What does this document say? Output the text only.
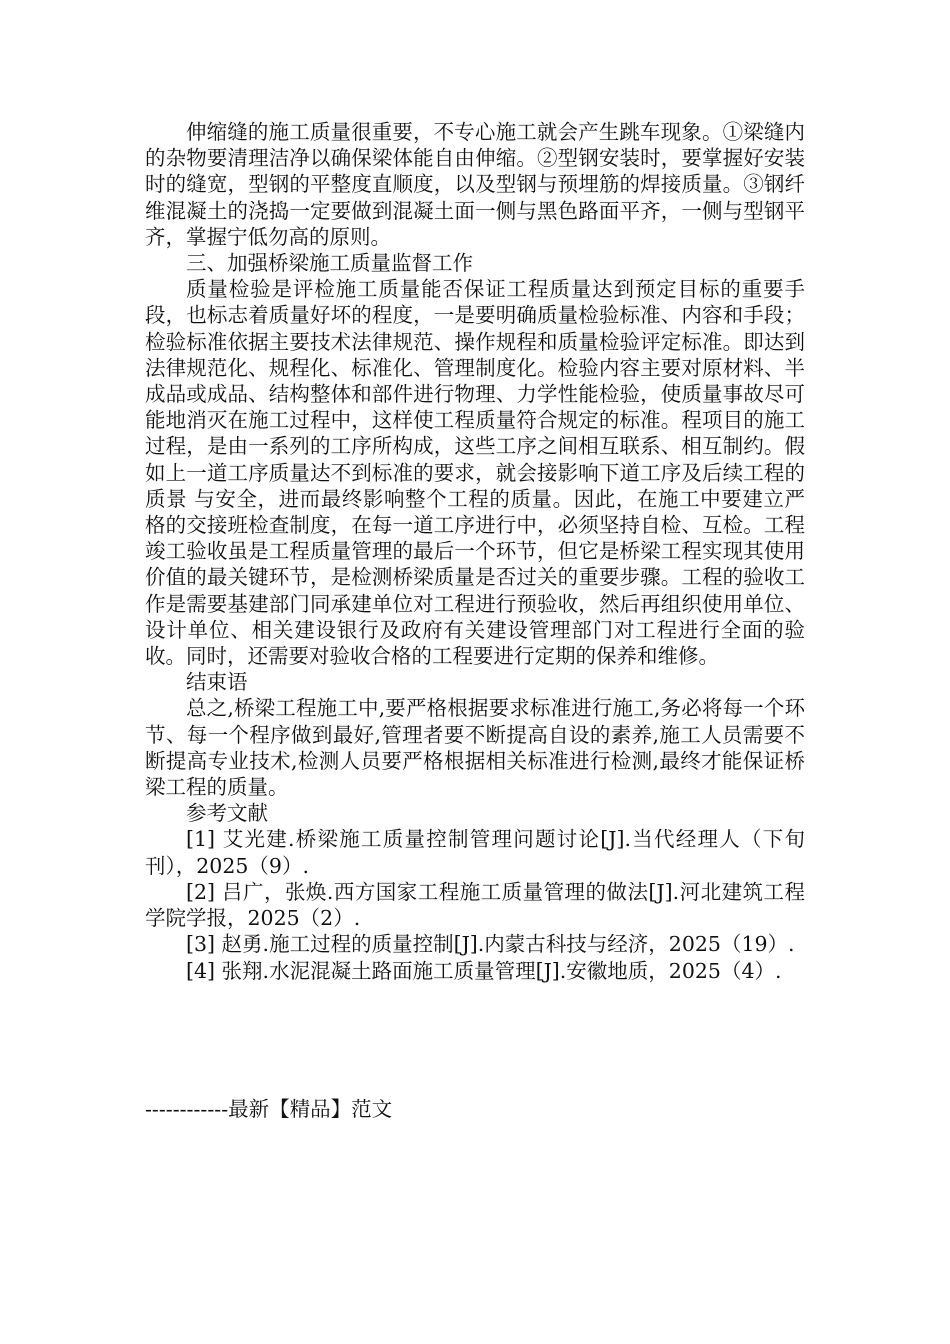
伸缩缝的施工质量很重要，不专心施工就会产生跳车现象。①梁缝内的杂物要清理洁净以确保梁体能自由伸缩。②型钢安装时，要掌握好安装时的缝宽，型钢的平整度直顺度，以及型钢与预埋筋的焊接质量。③钢纤维混凝土的浇捣一定要做到混凝土面一侧与黑色路面平齐，一侧与型钢平齐，掌握宁低勿高的原则。

三、加强桥梁施工质量监督工作

质量检验是评检施工质量能否保证工程质量达到预定目标的重要手段，也标志着质量好坏的程度，一是要明确质量检验标准、内容和手段；检验标准依据主要技术法律规范、操作规程和质量检验评定标准。即达到法律规范化、规程化、标准化、管理制度化。检验内容主要对原材料、半成品或成品、结构整体和部件进行物理、力学性能检验，使质量事故尽可能地消灭在施工过程中，这样使工程质量符合规定的标准。程项目的施工过程，是由一系列的工序所构成，这些工序之间相互联系、相互制约。假如上一道工序质量达不到标准的要求，就会接影响下道工序及后续工程的质景 与安全，进而最终影响整个工程的质量。因此，在施工中要建立严格的交接班检查制度，在每一道工序进行中，必须坚持自检、互检。工程竣工验收虽是工程质量管理的最后一个环节，但它是桥梁工程实现其使用价值的最关键环节，是检测桥梁质量是否过关的重要步骤。工程的验收工作是需要基建部门同承建单位对工程进行预验收，然后再组织使用单位、设计单位、相关建设银行及政府有关建设管理部门对工程进行全面的验收。同时，还需要对验收合格的工程要进行定期的保养和维修。

结束语

总之,桥梁工程施工中,要严格根据要求标准进行施工,务必将每一个环节、每一个程序做到最好,管理者要不断提高自设的素养,施工人员需要不断提高专业技术,检测人员要严格根据相关标准进行检测,最终才能保证桥梁工程的质量。

参考文献

[1] 艾光建.桥梁施工质量控制管理问题讨论[J].当代经理人（下旬刊），2025（9）.

[2] 吕广，张焕.西方国家工程施工质量管理的做法[J].河北建筑工程学院学报，2025（2）.

[3] 赵勇.施工过程的质量控制[J].内蒙古科技与经济，2025（19）.

[4] 张翔.水泥混凝土路面施工质量管理[J].安徽地质，2025（4）.

------------最新【精品】范文
